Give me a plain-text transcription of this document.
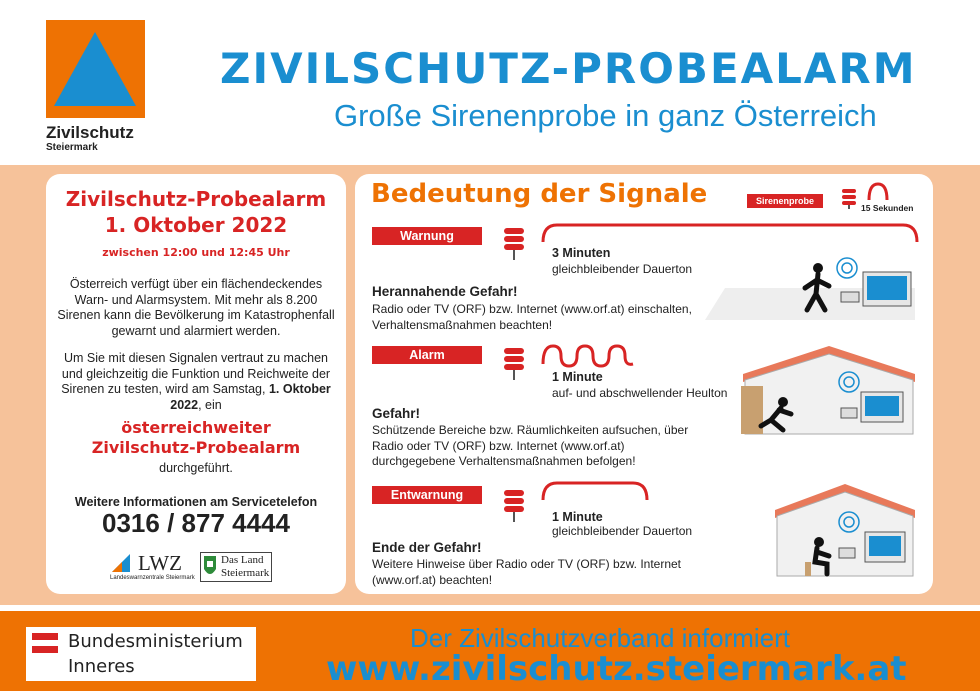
Zivilschutz
Steiermark
ZIVILSCHUTZ-PROBEALARM
Große Sirenenprobe in ganz Österreich
Zivilschutz-Probealarm
1. Oktober 2022
zwischen 12:00 und 12:45 Uhr
Österreich verfügt über ein flächendeckendes Warn- und Alarmsystem. Mit mehr als 8.200 Sirenen kann die Bevölkerung im Katastrophenfall gewarnt und alarmiert werden.
Um Sie mit diesen Signalen vertraut zu machen und gleichzeitig die Funktion und Reichweite der Sirenen zu testen, wird am Samstag, 1. Oktober 2022, ein
österreichweiter
Zivilschutz-Probealarm
durchgeführt.
Weitere Informationen am Servicetelefon
0316 / 877 4444
LWZ
Landeswarnzentrale Steiermark
Das Land
Steiermark
Bedeutung der Signale	Sirenenprobe
15 Sekunden
Warnung
3 Minuten
gleichbleibender Dauerton
Herannahende Gefahr!
Radio oder TV (ORF) bzw. Internet (www.orf.at) einschalten, Verhaltensmaßnahmen beachten!
Alarm
1 Minute
auf- und abschwellender Heulton
Gefahr!
Schützende Bereiche bzw. Räumlichkeiten aufsuchen, über Radio oder TV (ORF) bzw. Internet (www.orf.at) durchgegebene Verhaltensmaßnahmen befolgen!
Entwarnung
1 Minute
gleichbleibender Dauerton
Ende der Gefahr!
Weitere Hinweise über Radio oder TV (ORF) bzw. Internet (www.orf.at) beachten!
Bundesministerium
Inneres
Der Zivilschutzverband informiert
www.zivilschutz.steiermark.at
